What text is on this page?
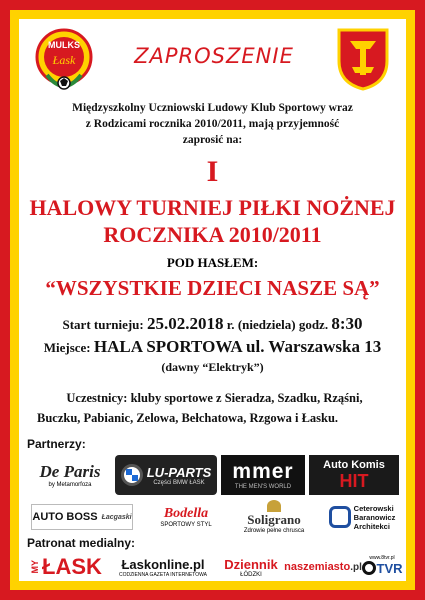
MULKS
Łask	ZAPROSZENIE
Międzyszkolny Uczniowski Ludowy Klub Sportowy wraz
z Rodzicami rocznika 2010/2011, mają przyjemność
zaprosić na:
I
HALOWY TURNIEJ PIŁKI NOŻNEJ
ROCZNIKA 2010/2011
POD HASŁEM:
“WSZYSTKIE DZIECI NASZE SĄ”
Start turnieju: 25.02.2018 r. (niedziela) godz. 8:30
Miejsce: HALA SPORTOWA ul. Warszawska 13
(dawny “Elektryk”)
Uczestnicy: kluby sportowe z Sieradza, Szadku, Rząśni,
Buczku, Pabianic, Zelowa, Bełchatowa, Rzgowa i Łasku.
Partnerzy:
De Paris
by Metamorfoza
LU-PARTS
Części BMW ŁASK	mmer
THE MEN'S WORLD
Auto Komis
HIT
AUTO BOSS Łacgaski Bodella
SPORTOWY STYL	Soligrano
Zdrowie pełne chrusca
Ceterowski
Baranowicz
Architekci
Patronat medialny:
MY ŁASK Łaskonline.pl
CODZIENNA GAZETA INTERNETOWA
Dziennik
ŁÓDZKI
naszemiasto .pl
www.8tvr.pl
TVR
